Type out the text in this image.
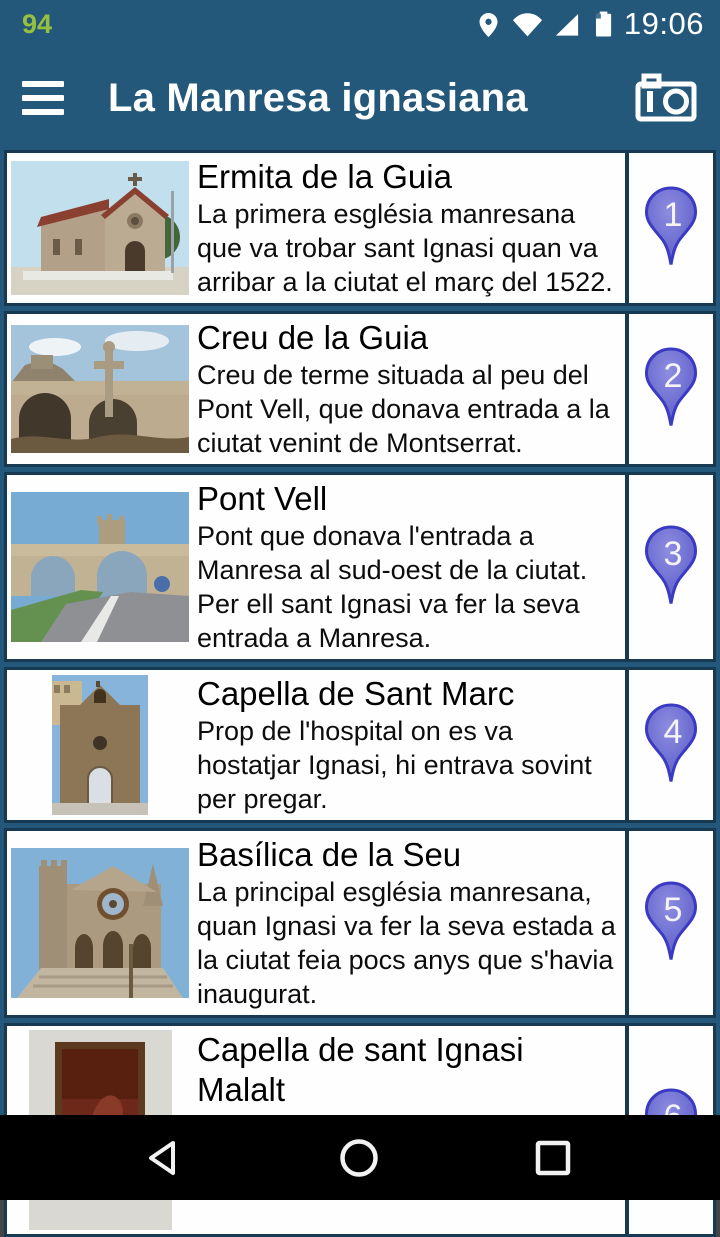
94	19:06
La Manresa ignasiana
Ermita de la Guia
La primera església manresana que va trobar sant Ignasi quan va arribar a la ciutat el març del 1522.
1
Creu de la Guia
Creu de terme situada al peu del Pont Vell, que donava entrada a la ciutat venint de Montserrat.
2
Pont Vell
Pont que donava l'entrada a Manresa al sud-oest de la ciutat. Per ell sant Ignasi va fer la seva entrada a Manresa.
3
Capella de Sant Marc
Prop de l'hospital on es va hostatjar Ignasi, hi entrava sovint per pregar.
4
Basílica de la Seu
La principal església manresana, quan Ignasi va fer la seva estada a la ciutat feia pocs anys que s'havia inaugurat.
5
Capella de sant Ignasi Malalt
